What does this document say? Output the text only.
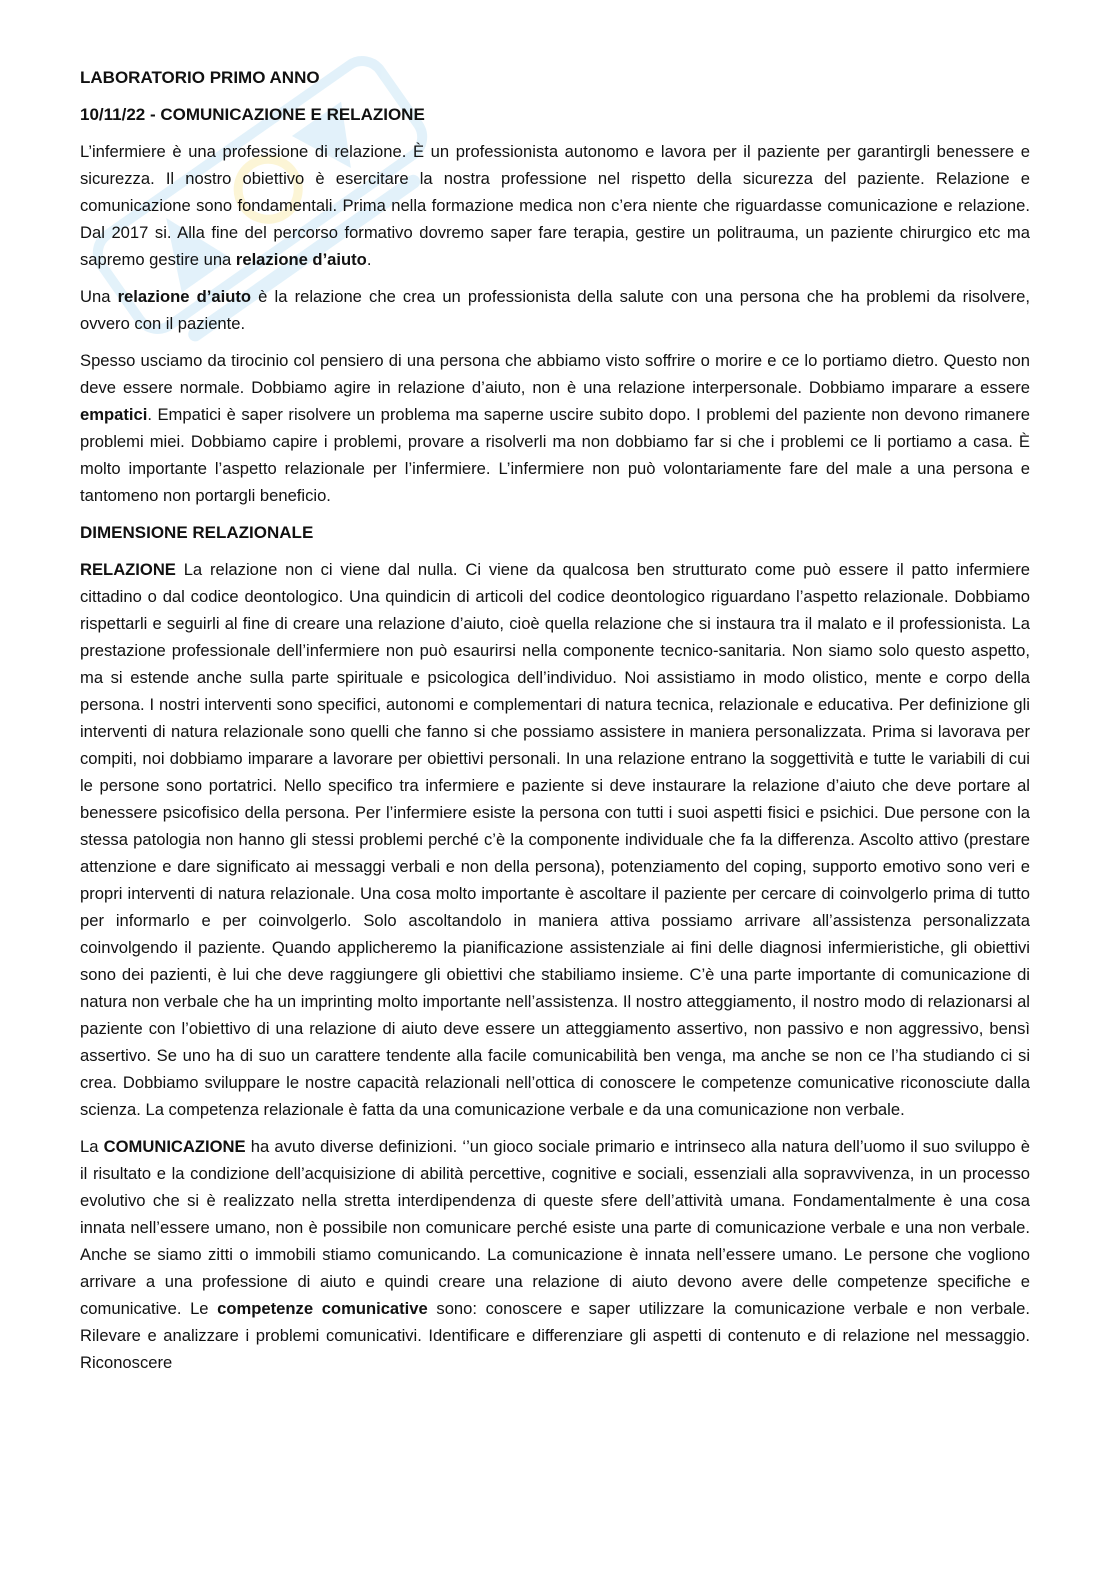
LABORATORIO PRIMO ANNO
10/11/22 - COMUNICAZIONE E RELAZIONE

L’infermiere è una professione di relazione. È un professionista autonomo e lavora per il paziente per garantirgli benessere e sicurezza. Il nostro obiettivo è esercitare la nostra professione nel rispetto della sicurezza del paziente. Relazione e comunicazione sono fondamentali. Prima nella formazione medica non c’era niente che riguardasse comunicazione e relazione. Dal 2017 si. Alla fine del percorso formativo dovremo saper fare terapia, gestire un politrauma, un paziente chirurgico etc ma sapremo gestire una relazione d’aiuto.

Una relazione d’aiuto è la relazione che crea un professionista della salute con una persona che ha problemi da risolvere, ovvero con il paziente.

Spesso usciamo da tirocinio col pensiero di una persona che abbiamo visto soffrire o morire e ce lo portiamo dietro. Questo non deve essere normale. Dobbiamo agire in relazione d’aiuto, non è una relazione interpersonale. Dobbiamo imparare a essere empatici. Empatici è saper risolvere un problema ma saperne uscire subito dopo. I problemi del paziente non devono rimanere problemi miei. Dobbiamo capire i problemi, provare a risolverli ma non dobbiamo far si che i problemi ce li portiamo a casa. È molto importante l’aspetto relazionale per l’infermiere. L’infermiere non può volontariamente fare del male a una persona e tantomeno non portargli beneficio.

DIMENSIONE RELAZIONALE

RELAZIONE La relazione non ci viene dal nulla. Ci viene da qualcosa ben strutturato come può essere il patto infermiere cittadino o dal codice deontologico. Una quindicin di articoli del codice deontologico riguardano l’aspetto relazionale. Dobbiamo rispettarli e seguirli al fine di creare una relazione d’aiuto, cioè quella relazione che si instaura tra il malato e il professionista. La prestazione professionale dell’infermiere non può esaurirsi nella componente tecnico-sanitaria. Non siamo solo questo aspetto, ma si estende anche sulla parte spirituale e psicologica dell’individuo. Noi assistiamo in modo olistico, mente e corpo della persona. I nostri interventi sono specifici, autonomi e complementari di natura tecnica, relazionale e educativa. Per definizione gli interventi di natura relazionale sono quelli che fanno si che possiamo assistere in maniera personalizzata. Prima si lavorava per compiti, noi dobbiamo imparare a lavorare per obiettivi personali. In una relazione entrano la soggettività e tutte le variabili di cui le persone sono portatrici. Nello specifico tra infermiere e paziente si deve instaurare la relazione d’aiuto che deve portare al benessere psicofisico della persona. Per l’infermiere esiste la persona con tutti i suoi aspetti fisici e psichici. Due persone con la stessa patologia non hanno gli stessi problemi perché c’è la componente individuale che fa la differenza. Ascolto attivo (prestare attenzione e dare significato ai messaggi verbali e non della persona), potenziamento del coping, supporto emotivo sono veri e propri interventi di natura relazionale. Una cosa molto importante è ascoltare il paziente per cercare di coinvolgerlo prima di tutto per informarlo e per coinvolgerlo. Solo ascoltandolo in maniera attiva possiamo arrivare all’assistenza personalizzata coinvolgendo il paziente. Quando applicheremo la pianificazione assistenziale ai fini delle diagnosi infermieristiche, gli obiettivi sono dei pazienti, è lui che deve raggiungere gli obiettivi che stabiliamo insieme. C’è una parte importante di comunicazione di natura non verbale che ha un imprinting molto importante nell’assistenza. Il nostro atteggiamento, il nostro modo di relazionarsi al paziente con l’obiettivo di una relazione di aiuto deve essere un atteggiamento assertivo, non passivo e non aggressivo, bensì assertivo. Se uno ha di suo un carattere tendente alla facile comunicabilità ben venga, ma anche se non ce l’ha studiando ci si crea. Dobbiamo sviluppare le nostre capacità relazionali nell’ottica di conoscere le competenze comunicative riconosciute dalla scienza. La competenza relazionale è fatta da una comunicazione verbale e da una comunicazione non verbale.

La COMUNICAZIONE ha avuto diverse definizioni. ‘’un gioco sociale primario e intrinseco alla natura dell’uomo il suo sviluppo è il risultato e la condizione dell’acquisizione di abilità percettive, cognitive e sociali, essenziali alla sopravvivenza, in un processo evolutivo che si è realizzato nella stretta interdipendenza di queste sfere dell’attività umana. Fondamentalmente è una cosa innata nell’essere umano, non è possibile non comunicare perché esiste una parte di comunicazione verbale e una non verbale. Anche se siamo zitti o immobili stiamo comunicando. La comunicazione è innata nell’essere umano. Le persone che vogliono arrivare a una professione di aiuto e quindi creare una relazione di aiuto devono avere delle competenze specifiche e comunicative. Le competenze comunicative sono: conoscere e saper utilizzare la comunicazione verbale e non verbale. Rilevare e analizzare i problemi comunicativi. Identificare e differenziare gli aspetti di contenuto e di relazione nel messaggio. Riconoscere
